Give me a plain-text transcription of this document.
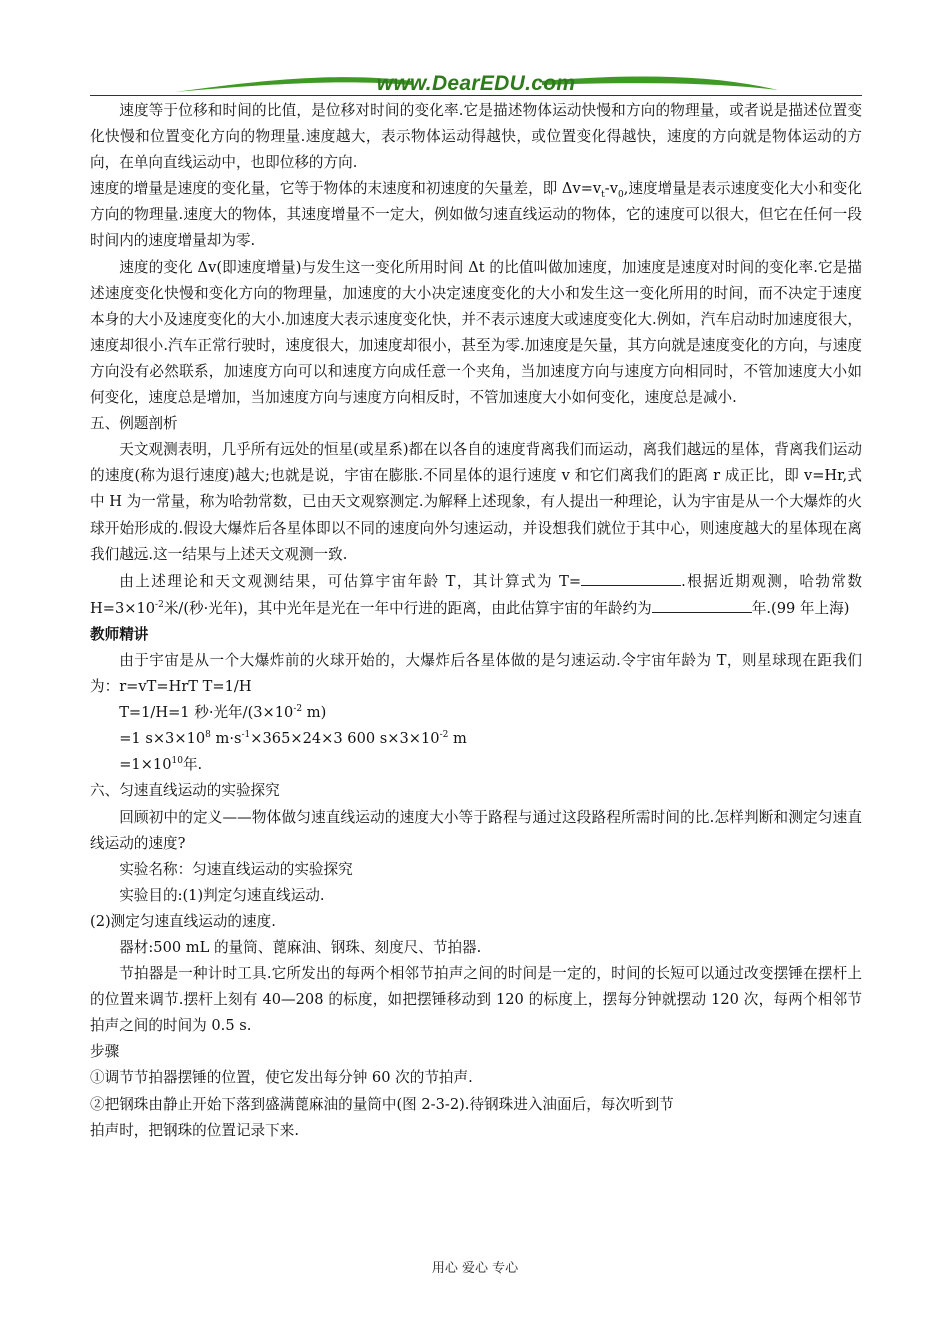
www.DearEDU.com

速度等于位移和时间的比值，是位移对时间的变化率.它是描述物体运动快慢和方向的物理量，或者说是描述位置变化快慢和位置变化方向的物理量.速度越大，表示物体运动得越快，或位置变化得越快，速度的方向就是物体运动的方向，在单向直线运动中，也即位移的方向.

速度的增量是速度的变化量，它等于物体的末速度和初速度的矢量差，即 $\Delta v=v_t-v_0$,速度增量是表示速度变化大小和变化方向的物理量.速度大的物体，其速度增量不一定大，例如做匀速直线运动的物体，它的速度可以很大，但它在任何一段时间内的速度增量却为零.

速度的变化 Δv(即速度增量)与发生这一变化所用时间 Δt 的比值叫做加速度，加速度是速度对时间的变化率.它是描述速度变化快慢和变化方向的物理量，加速度的大小决定速度变化的大小和发生这一变化所用的时间，而不决定于速度本身的大小及速度变化的大小.加速度大表示速度变化快，并不表示速度大或速度变化大.例如，汽车启动时加速度很大，速度却很小.汽车正常行驶时，速度很大，加速度却很小，甚至为零.加速度是矢量，其方向就是速度变化的方向，与速度方向没有必然联系，加速度方向可以和速度方向成任意一个夹角，当加速度方向与速度方向相同时，不管加速度大小如何变化，速度总是增加，当加速度方向与速度方向相反时，不管加速度大小如何变化，速度总是减小.

五、例题剖析

天文观测表明，几乎所有远处的恒星(或星系)都在以各自的速度背离我们而运动，离我们越远的星体，背离我们运动的速度(称为退行速度)越大;也就是说，宇宙在膨胀.不同星体的退行速度 v 和它们离我们的距离 r 成正比，即 v=Hr,式中 H 为一常量，称为哈勃常数，已由天文观察测定.为解释上述现象，有人提出一种理论，认为宇宙是从一个大爆炸的火球开始形成的.假设大爆炸后各星体即以不同的速度向外匀速运动，并设想我们就位于其中心，则速度越大的星体现在离我们越远.这一结果与上述天文观测一致.

由上述理论和天文观测结果，可估算宇宙年龄 T，其计算式为 T=	.根据近期观测，哈勃常数 $H=3\times 10^{-2}$米/(秒·光年)，其中光年是光在一年中行进的距离，由此估算宇宙的年龄约为	年.(99 年上海)

教师精讲

由于宇宙是从一个大爆炸前的火球开始的，大爆炸后各星体做的是匀速运动.令宇宙年龄为 T，则星球现在距我们为：r=vT=HrT T=1/H

T=1/H=1 秒·光年$/(3\times 10^{-2}$ m)

=1 $s\times 3\times 10^8$ $m\cdot s^{-1}\times 365\times 24\times 3$ 600 $s\times 3\times 10^{-2}$ m

$=1\times 10^{10}$年.

六、匀速直线运动的实验探究

回顾初中的定义——物体做匀速直线运动的速度大小等于路程与通过这段路程所需时间的比.怎样判断和测定匀速直线运动的速度?

实验名称：匀速直线运动的实验探究

实验目的:(1)判定匀速直线运动.

(2)测定匀速直线运动的速度.

器材:500 mL 的量筒、蓖麻油、钢珠、刻度尺、节拍器.

节拍器是一种计时工具.它所发出的每两个相邻节拍声之间的时间是一定的，时间的长短可以通过改变摆锤在摆杆上的位置来调节.摆杆上刻有 40—208 的标度，如把摆锤移动到 120 的标度上，摆每分钟就摆动 120 次，每两个相邻节拍声之间的时间为 0.5 s.

步骤

①调节节拍器摆锤的位置，使它发出每分钟 60 次的节拍声.

②把钢珠由静止开始下落到盛满蓖麻油的量筒中(图 2-3-2).待钢珠进入油面后，每次听到节

拍声时，把钢珠的位置记录下来.

用心 爱心 专心
